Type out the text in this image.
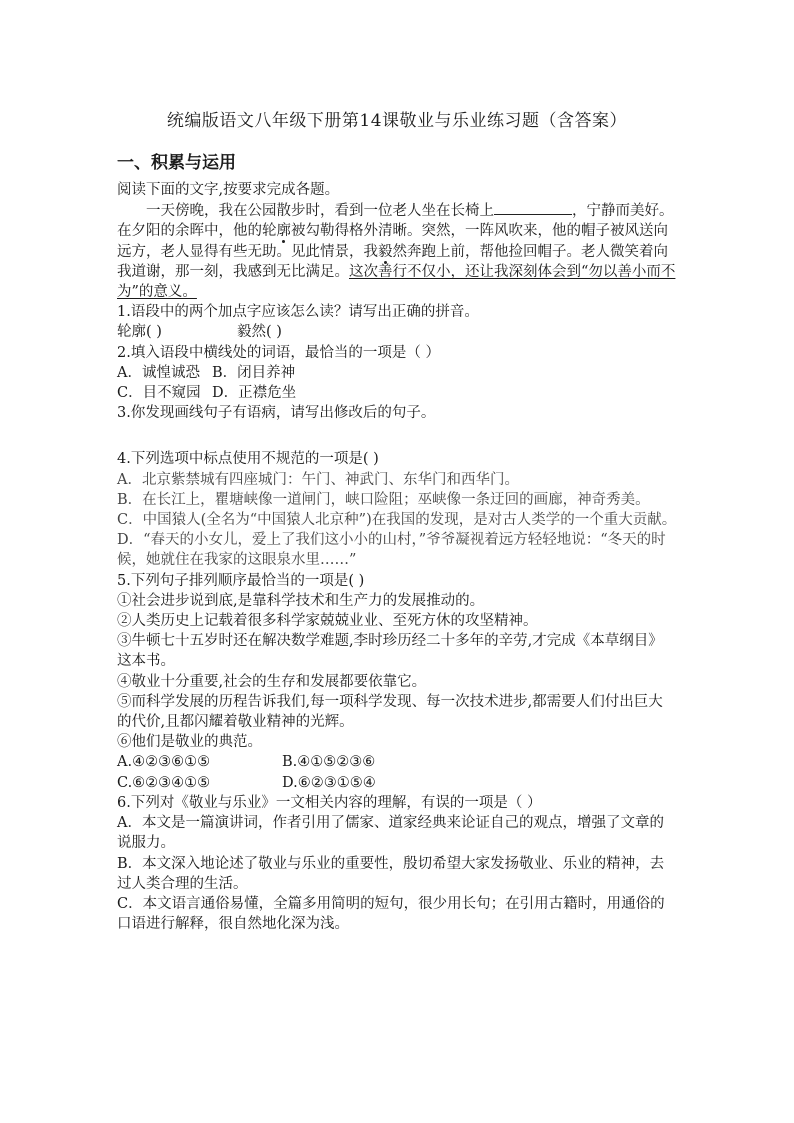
统编版语文八年级下册第14课敬业与乐业练习题（含答案）
一、积累与运用

阅读下面的文字,按要求完成各题。

一天傍晚，我在公园散步时，看到一位老人坐在长椅上	，宁静而美好。在夕阳的余晖中，他的轮廓被勾勒得格外清晰。突然，一阵风吹来，他的帽子被风送向远方，老人显得有些无助。见此情景，我毅然奔跑上前，帮他捡回帽子。老人微笑着向我道谢，那一刻，我感到无比满足。这次善行不仅小，还让我深刻体会到“勿以善小而不为”的意义。

1.语段中的两个加点字应该怎么读？请写出正确的拼音。

轮廓( )	毅然( )

2.填入语段中横线处的词语，最恰当的一项是（ ）

A．诚惶诚恐 B．闭目养神

C．目不窥园 D．正襟危坐

3.你发现画线句子有语病，请写出修改后的句子。

4.下列选项中标点使用不规范的一项是( )

A．北京紫禁城有四座城门：午门、神武门、东华门和西华门。

B．在长江上，瞿塘峡像一道闸门，峡口险阻；巫峡像一条迂回的画廊，神奇秀美。

C．中国猿人(全名为“中国猿人北京种”)在我国的发现，是对古人类学的一个重大贡献。

D．“春天的小女儿，爱上了我们这小小的山村，”爷爷凝视着远方轻轻地说：“冬天的时候，她就住在我家的这眼泉水里……”

5.下列句子排列顺序最恰当的一项是( )

①社会进步说到底,是靠科学技术和生产力的发展推动的。

②人类历史上记载着很多科学家兢兢业业、至死方休的攻坚精神。

③牛顿七十五岁时还在解决数学难题,李时珍历经二十多年的辛劳,才完成《本草纲目》这本书。

④敬业十分重要,社会的生存和发展都要依靠它。

⑤而科学发展的历程告诉我们,每一项科学发现、每一次技术进步,都需要人们付出巨大的代价,且都闪耀着敬业精神的光辉。

⑥他们是敬业的典范。

A.④②③⑥①⑤	B.④①⑤②③⑥

C.⑥②③④①⑤	D.⑥②③①⑤④

6.下列对《敬业与乐业》一文相关内容的理解，有误的一项是（ ）

A．本文是一篇演讲词，作者引用了儒家、道家经典来论证自己的观点，增强了文章的说服力。

B．本文深入地论述了敬业与乐业的重要性，殷切希望大家发扬敬业、乐业的精神，去过人类合理的生活。

C．本文语言通俗易懂，全篇多用简明的短句，很少用长句；在引用古籍时，用通俗的口语进行解释，很自然地化深为浅。
